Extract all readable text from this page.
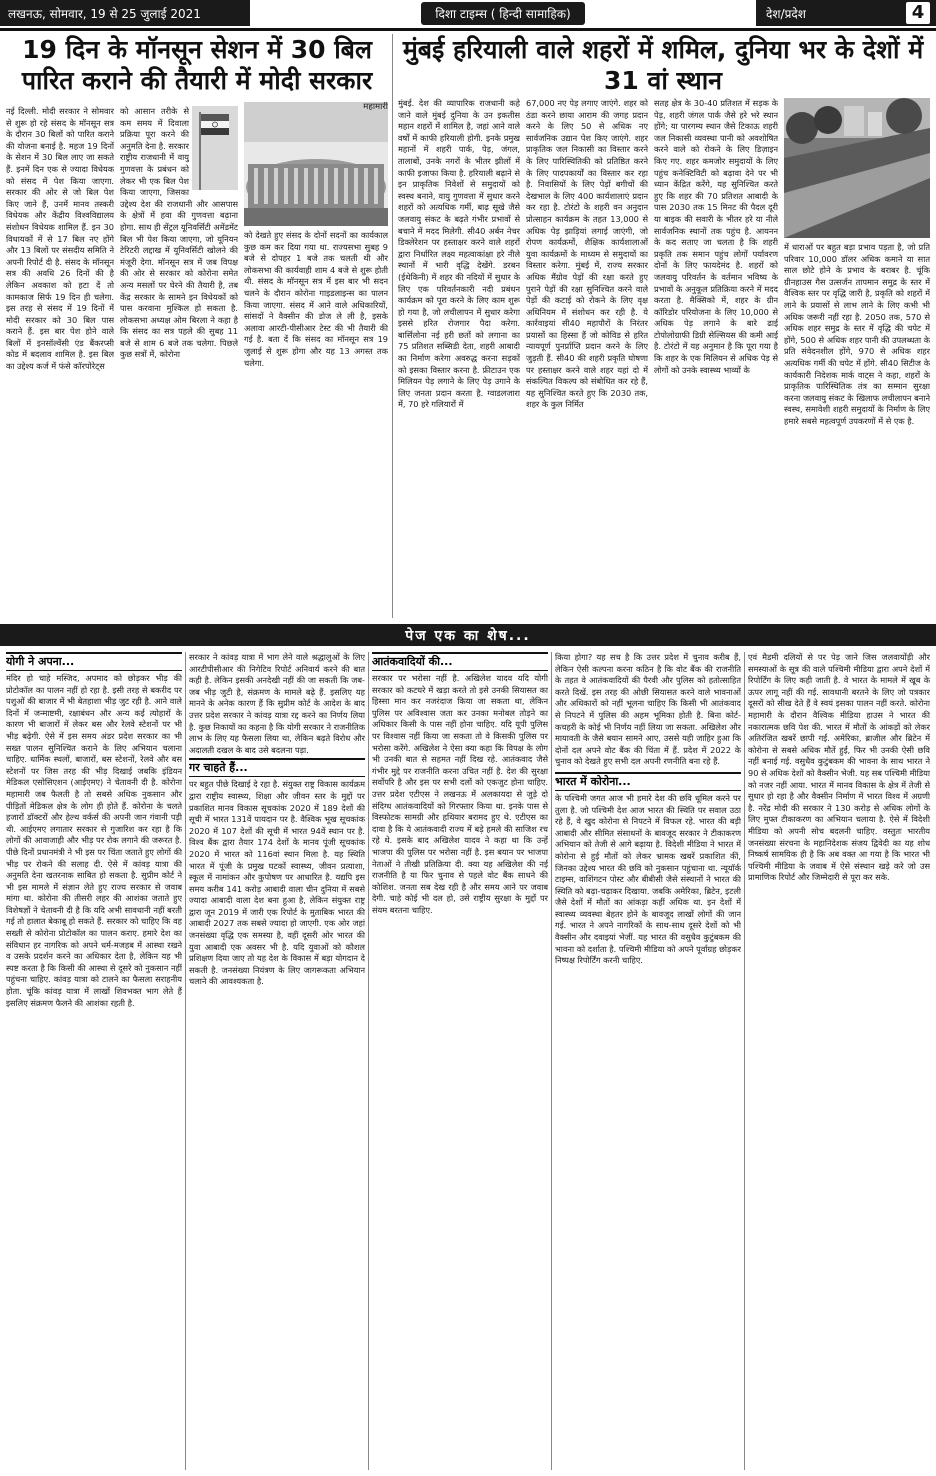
लखनऊ, सोमवार, 19 से 25 जुलाई 2021	दिशा टाइम्स ( हिन्दी सामाहिक)	देश/प्रदेश	4
19 दिन के मॉनसून सेशन में 30 बिल पारित कराने की तैयारी में मोदी सरकार

नई दिल्ली. मोदी सरकार ने सोमवार से शुरू हो रहे संसद के मॉनसून सत्र के दौरान 30 बिलों को पारित कराने की योजना बनाई है. महज 19 दिनों के सेशन में 30 बिल लाए जा सकते हैं. इनमें दिन एक से ज्यादा विधेयक को संसद में पेश किया जाएगा. सरकार की ओर से जो बिल पेश किए जाने हैं, उनमें मानव तस्करी विधेयक और केंद्रीय विश्वविद्यालय संशोधन विधेयक शामिल हैं. इन 30 विधायकों में से 17 बिल नए होंगे और 13 बिलों पर संसदीय समिति ने अपनी रिपोर्ट दी है. संसद के मॉनसून सत्र की अवधि 26 दिनों की है लेकिन अवकाश को हटा दें तो कामकाज सिर्फ 19 दिन ही चलेगा. इस तरह से संसद में 19 दिनों में मोदी सरकार को 30 बिल पास कराने हैं. इस बार पेश होने वाले बिलों में इनसॉल्वेंसी एंड बैंकरप्सी कोड में बदलाव शामिल है. इस बिल का उद्देश्य कर्ज में फंसे कॉरपोरेट्स

को आसान तरीके से कम समय में दिवाला प्रक्रिया पूरा करने की अनुमति देना है. सरकार राष्ट्रीय राजधानी में वायु गुणवत्ता के प्रबंधन को लेकर भी एक बिल पेश किया जाएगा, जिसका उद्देश्य देश की राजधानी और आसपास के क्षेत्रों में हवा की गुणवत्ता बढ़ाना होगा. साथ ही सेंट्रल यूनिवर्सिटी अमेंडमेंट बिल भी पेश किया जाएगा, जो यूनियन टेरिटरी लद्दाख में यूनिवर्सिटी खोलने की मंजूरी देगा. मॉनसून सत्र में जब विपक्ष की ओर से सरकार को कोरोना समेत अन्य मसलों पर घेरने की तैयारी है, तब केंद्र सरकार के सामने इन विधेयकों को पास करवाना मुश्किल हो सकता है. लोकसभा अध्यक्ष ओम बिरला ने कहा है कि संसद का सत्र पहले की सुबह 11 बजे से शाम 6 बजे तक चलेगा. पिछले कुछ सत्रों में, कोरोना

महामारी

को देखते हुए संसद के दोनों सदनों का कार्यकाल कुछ कम कर दिया गया था. राज्यसभा सुबह 9 बजे से दोपहर 1 बजे तक चलती थी और लोकसभा की कार्यवाही शाम 4 बजे से शुरू होती थी. संसद के मॉनसून सत्र में इस बार भी सदन चलने के दौरान कोरोना गाइडलाइन्स का पालन किया जाएगा. संसद में आने वाले अधिकारियों, सांसदों ने वैक्सीन की डोज ले ली है, इसके अलावा आरटी-पीसीआर टेस्ट की भी तैयारी की गई है. बता दें कि संसद का मॉनसून सत्र 19 जुलाई से शुरू होगा और यह 13 अगस्त तक चलेगा.

मुंबई हरियाली वाले शहरों में शमिल, दुनिया भर के देशों में 31 वां स्थान

मुंबई. देश की व्यापारिक राजधानी कहे जाने वाले मुंबई दुनिया के उन इकतीस महान शहरों में शामिल है, जहां आने वाले वर्षों में काफी हरियाली होगी. इनके प्रमुख महानों में शहरी पार्क, पेड़, जंगल, तालाबों, उनके नगरों के भीतर झीलों में काफी इजाफा किया है. हरियाली बढ़ाने से इन प्राकृतिक निवेशों से समुदायों को स्वस्थ बनाने, वायु गुणवत्ता में सुधार करने शहरों को अत्यधिक गर्मी, बाढ़ सूखे जैसे जलवायु संकट के बढ़ते गंभीर प्रभावों से बचाने में मदद मिलेगी. सी40 अर्बन नेचर डिक्लेरेशन पर हस्ताक्षर करने वाले शहरों द्वारा निर्धारित लक्ष्य महत्वाकांक्षा हरे नीले स्थानों में भारी वृद्धि देखेंगे. डरबन (ईथेकिनी) में शहर की नदियों में सुधार के लिए एक परिवर्तनकारी नदी प्रबंधन कार्यक्रम को पूरा करने के लिए काम शुरू हो गया है, जो लचीलापन में सुधार करेगा इससे हरित रोजगार पैदा करेगा. बार्सिलोना नई हरी छतों को लगाना का 75 प्रतिशत सब्सिडी देता, शहरी आबादी का निर्माण करेगा अवरुद्ध करना सड़कों को इसका विस्तार करना है. फ्रीटाउन एक मिलियन पेड़ लगाने के लिए पेड़ उगाने के लिए जनता प्रदान करता है. ग्वाडलजारा में, 70 हरे गलियारों में

67,000 नए पेड़ लगाए जाएंगे. शहर को ठंडा करने छाया आराम की जगह प्रदान करने के लिए 50 से अधिक नए सार्वजनिक उद्यान पेश किए जाएंगे. शहर प्राकृतिक जल निकासी का विस्तार करने के लिए पारिस्थितिकी को प्रतिष्ठित करने के लिए पादपकार्यों का विस्तार कर रहा है. निवासियों के लिए पेड़ों बगीचों की देखभाल के लिए 400 कार्यशालाएं प्रदान कर रहा है. टोरंटो के शहरी वन अनुदान प्रोत्साहन कार्यक्रम के तहत 13,000 से अधिक पेड़ झाड़ियां लगाई जाएंगी, जो रोपण कार्यक्रमों, शैक्षिक कार्यशालाओं युवा कार्यक्रमों के माध्यम से समुदायों का विस्तार करेगा. मुंबई में, राज्य सरकार अधिक मैंग्रोव पेड़ों की रक्षा करते हुए पुराने पेड़ों की रक्षा सुनिश्चित करने वाले पेड़ों की कटाई को रोकने के लिए वृक्ष अधिनियम में संशोधन कर रही है. ये कार्रवाइयां सी40 महापौरों के निरंतर प्रयासों का हिस्सा हैं जो कोविड से हरित न्यायपूर्ण पुनर्प्राप्ति प्रदान करने के लिए जुड़ती हैं. सी40 की शहरी प्रकृति घोषणा पर हस्ताक्षर करने वाले शहर यहां दो में संकल्पित विकल्प को संबोधित कर रहे हैं, यह सुनिश्चित करते हुए कि 2030 तक, शहर के कुल निर्मित

सतह क्षेत्र के 30-40 प्रतिशत में सड़क के पेड़, शहरी जंगल पार्क जैसे हरे भरे स्थान होंगे; या पारगम्य स्थान जैसे टिकाऊ शहरी जल निकासी व्यवस्था पानी को अवशोषित करने वाले को रोकने के लिए डिज़ाइन किए गए. शहर कमजोर समुदायों के लिए पहुंच कनेक्टिविटी को बढ़ावा देने पर भी ध्यान केंद्रित करेंगे, यह सुनिश्चित करते हुए कि शहर की 70 प्रतिशत आबादी के पास 2030 तक 15 मिनट की पैदल दूरी या बाइक की सवारी के भीतर हरे या नीले सार्वजनिक स्थानों तक पहुंच है. आयनन के कद सताए जा चलता है कि शहरी प्रकृति तक समान पहुंच लोगों पर्यावरण दोनों के लिए फायदेमंद है. शहरों को जलवायु परिवर्तन के वर्तमान भविष्य के प्रभावों के अनुकूल प्रतिक्रिया करने में मदद करता है. मैक्सिको में, शहर के ग्रीन कॉरिडोर परियोजना के लिए 10,000 से अधिक पेड़ लगाने के बारे ढाई टोपोलोग्राफी डिग्री सेल्सियस की कमी आई है. टोरंटो में यह अनुमान है कि पूरा गया है कि शहर के एक मिलियन से अधिक पेड़ से लोगों को उनके स्वास्थ्य भाव्यों के

में धाराओं पर बहुत बड़ा प्रभाव पड़ता है, जो प्रति परिवार 10,000 डॉलर अधिक कमाने या सात साल छोटे होने के प्रभाव के बराबर है. चूंकि ग्रीनहाउस गैस उत्सर्जन तापमान समुद्र के स्तर में वैश्विक स्तर पर वृद्धि जारी है, प्रकृति को शहरों में लाने के प्रयासों से लाभ लाने के लिए कभी भी अधिक जरूरी नहीं रहा है. 2050 तक, 570 से अधिक शहर समुद्र के स्तर में वृद्धि की चपेट में होंगे, 500 से अधिक शहर पानी की उपलब्धता के प्रति संवेदनशील होंगे, 970 से अधिक शहर अत्यधिक गर्मी की चपेट में होंगे. सी40 सिटीज के कार्यकारी निदेशक मार्क वाट्स ने कहा, शहरों के प्राकृतिक पारिस्थितिक तंत्र का सम्मान सुरक्षा करना जलवायु संकट के खिलाफ लचीलापन बनाने स्वस्थ, समावेशी शहरी समुदायों के निर्माण के लिए हमारे सबसे महत्वपूर्ण उपकरणों में से एक है.

पेज एक का शेष...
योगी ने अपना...

मंदिर हो चाहे मस्जिद, अपमाद को छोड़कर भीड़ की प्रोटोकॉल का पालन नहीं हो रहा है. इसी तरह से बकरीद पर पशुओं की बाजार में भी बेतहाशा भीड़ जुट रही है. आने वाले दिनों में जन्माष्टमी, रक्षाबंधन और अन्य कई त्योहारों के कारण भी बाजारों में लेकर बस और रेलवे स्टेशनों पर भी भीड़ बढ़ेगी. ऐसे में इस समय अंडर प्रदेश सरकार का भी सख्त पालन सुनिश्चित कराने के लिए अभियान चलाना चाहिए. धार्मिक स्थलों, बाजारों, बस स्टेशनों, रेलवे और बस स्टेशनों पर जिस तरह की भीड़ दिखाई जबकि इंडियन मेडिकल एसोसिएशन (आईएमए) ने चेतावनी दी है. कोरोना महामारी जब फैलती है तो सबसे अधिक नुकसान और पीड़ितों मेडिकल क्षेत्र के लोग ही होते हैं. कोरोना के चलते हजारों डॉक्टरों और हेल्थ वर्कर्स की अपनी जान गंवानी पड़ी थी. आईएमए लगातार सरकार से गुजारिश कर रहा है कि लोगों की आवाजाही और भीड़ पर रोक लगाने की जरूरत है. पीछे दिनों प्रधानमंत्री ने भी इस पर चिंता जताते हुए लोगों की भीड़ पर रोकने की सलाह दी. ऐसे में कांवड़ यात्रा की अनुमति देना खतरनाक साबित हो सकता है. सुप्रीम कोर्ट ने भी इस मामले में संज्ञान लेते हुए राज्य सरकार से जवाब मांगा था. कोरोना की तीसरी लहर की आशंका जताते हुए विशेषज्ञों ने चेतावनी दी है कि यदि अभी सावधानी नहीं बरती गई तो हालात बेकाबू हो सकते हैं. सरकार को चाहिए कि वह सख्ती से कोरोना प्रोटोकॉल का पालन कराए. हमारे देश का संविधान हर नागरिक को अपने धर्म-मजहब में आस्था रखने व उसके प्रदर्शन करने का अधिकार देता है, लेकिन यह भी स्पष्ट करता है कि किसी की आस्था से दूसरे को नुकसान नहीं पहुंचना चाहिए. कांवड़ यात्रा को टालने का फैसला सराहनीय होता. चूंकि कांवड़ यात्रा में लाखों शिवभक्त भाग लेते हैं इसलिए संक्रमण फैलने की आशंका रहती है.

सरकार ने कांवड़ यात्रा में भाग लेने वाले श्रद्धालुओं के लिए आरटीपीसीआर की निगेटिव रिपोर्ट अनिवार्य करने की बात कही है. लेकिन इसकी अनदेखी नहीं की जा सकती कि जब-जब भीड़ जुटी है, संक्रमण के मामले बढ़े हैं. इसलिए यह मानने के अनेक कारण हैं कि सुप्रीम कोर्ट के आदेश के बाद उत्तर प्रदेश सरकार ने कांवड़ यात्रा रद्द करने का निर्णय लिया है. कुछ निकायों का कहना है कि योगी सरकार ने राजनीतिक लाभ के लिए यह फैसला लिया था, लेकिन बढ़ते विरोध और अदालती दखल के बाद उसे बदलना पड़ा.

गर चाहते हैं...

पर बहुत पीछे दिखाई दे रहा है. संयुक्त राष्ट्र विकास कार्यक्रम द्वारा राष्ट्रीय स्वास्थ्य, शिक्षा और जीवन स्तर के मुद्दों पर प्रकाशित मानव विकास सूचकांक 2020 में 189 देशों की सूची में भारत 131वें पायदान पर है. वैश्विक भूख सूचकांक 2020 में 107 देशों की सूची में भारत 94वें स्थान पर है. विश्व बैंक द्वारा तैयार 174 देशों के मानव पूंजी सूचकांक 2020 में भारत को 116वां स्थान मिला है. यह स्थिति भारत में पूंजी के प्रमुख घटकों स्वास्थ्य, जीवन प्रत्याशा, स्कूल में नामांकन और कुपोषण पर आधारित है. यद्यपि इस समय करीब 141 करोड़ आबादी वाला चीन दुनिया में सबसे ज्यादा आबादी वाला देश बना हुआ है, लेकिन संयुक्त राष्ट्र द्वारा जून 2019 में जारी एक रिपोर्ट के मुताबिक भारत की आबादी 2027 तक सबसे ज्यादा हो जाएगी. एक ओर जहां जनसंख्या वृद्धि एक समस्या है, वहीं दूसरी ओर भारत की युवा आबादी एक अवसर भी है. यदि युवाओं को कौशल प्रशिक्षण दिया जाए तो यह देश के विकास में बड़ा योगदान दे सकती है. जनसंख्या नियंत्रण के लिए जागरूकता अभियान चलाने की आवश्यकता है.

आतंकवादियों की...

सरकार पर भरोसा नहीं है. अखिलेश यादव यदि योगी सरकार को कटघरे में खड़ा करते तो इसे उनकी सियासत का हिस्सा मान कर नजरंदाज किया जा सकता था, लेकिन पुलिस पर अविश्वास जता कर उनका मनोबल तोड़ने का अधिकार किसी के पास नहीं होना चाहिए. यदि यूपी पुलिस पर विश्वास नहीं किया जा सकता तो वे किसकी पुलिस पर भरोसा करेंगे. अखिलेश ने ऐसा क्या कहा कि विपक्ष के लोग भी उनकी बात से सहमत नहीं दिख रहे. आतंकवाद जैसे गंभीर मुद्दे पर राजनीति करना उचित नहीं है. देश की सुरक्षा सर्वोपरि है और इस पर सभी दलों को एकजुट होना चाहिए. उत्तर प्रदेश एटीएस ने लखनऊ में अलकायदा से जुड़े दो संदिग्ध आतंकवादियों को गिरफ्तार किया था. इनके पास से विस्फोटक सामग्री और हथियार बरामद हुए थे. एटीएस का दावा है कि ये आतंकवादी राज्य में बड़े हमले की साजिश रच रहे थे. इसके बाद अखिलेश यादव ने कहा था कि उन्हें भाजपा की पुलिस पर भरोसा नहीं है. इस बयान पर भाजपा नेताओं ने तीखी प्रतिक्रिया दी. क्या यह अखिलेश की नई राजनीति है या फिर चुनाव से पहले वोट बैंक साधने की कोशिश. जनता सब देख रही है और समय आने पर जवाब देगी. चाहे कोई भी दल हो, उसे राष्ट्रीय सुरक्षा के मुद्दों पर संयम बरतना चाहिए.

किया होगा? यह सच है कि उत्तर प्रदेश में चुनाव करीब हैं, लेकिन ऐसी कल्पना करना कठिन है कि वोट बैंक की राजनीति के तहत वे आतंकवादियों की पैरवी और पुलिस को हतोत्साहित करते दिखें. इस तरह की ओछी सियासत करने वाले भावनाओं और अधिकारों को नहीं भूलना चाहिए कि किसी भी आतंकवाद से निपटने में पुलिस की अहम भूमिका होती है. बिना कोर्ट-कचहरी के कोई भी निर्णय नहीं लिया जा सकता. अखिलेश और मायावती के जैसे बयान सामने आए, उससे यही जाहिर हुआ कि दोनों दल अपने वोट बैंक की चिंता में हैं. प्रदेश में 2022 के चुनाव को देखते हुए सभी दल अपनी रणनीति बना रहे हैं.

भारत में कोरोना...

के पश्चिमी जगत आज भी हमारे देश की छवि धूमिल करने पर तुला है. जो पश्चिमी देश आज भारत की स्थिति पर सवाल उठा रहे हैं, वे खुद कोरोना से निपटने में विफल रहे. भारत की बड़ी आबादी और सीमित संसाधनों के बावजूद सरकार ने टीकाकरण अभियान को तेजी से आगे बढ़ाया है. विदेशी मीडिया ने भारत में कोरोना से हुई मौतों को लेकर भ्रामक खबरें प्रकाशित कीं, जिनका उद्देश्य भारत की छवि को नुकसान पहुंचाना था. न्यूयॉर्क टाइम्स, वाशिंगटन पोस्ट और बीबीसी जैसे संस्थानों ने भारत की स्थिति को बढ़ा-चढ़ाकर दिखाया. जबकि अमेरिका, ब्रिटेन, इटली जैसे देशों में मौतों का आंकड़ा कहीं अधिक था. इन देशों में स्वास्थ्य व्यवस्था बेहतर होने के बावजूद लाखों लोगों की जान गई. भारत ने अपने नागरिकों के साथ-साथ दूसरे देशों को भी वैक्सीन और दवाइयां भेजीं. यह भारत की वसुधैव कुटुंबकम की भावना को दर्शाता है. पश्चिमी मीडिया को अपने पूर्वाग्रह छोड़कर निष्पक्ष रिपोर्टिंग करनी चाहिए.

एवं मैडमी दलियों से पर पेड़ जाने जिस जलवायोंड़ी और समस्याओं के सूत्र की वाले पश्चिमी मीडिया द्वारा अपने देशों में रिपोर्टिंग के लिए कही जाती है. वे भारत के मामले में खूब के ऊपर लागू नहीं की गई. सावधानी बरतने के लिए जो पत्रकार दूसरों को सीख देते हैं वे स्वयं इसका पालन नहीं करते. कोरोना महामारी के दौरान वैश्विक मीडिया हाउस ने भारत की नकारात्मक छवि पेश की. भारत में मौतों के आंकड़ों को लेकर अतिरंजित खबरें छापी गईं. अमेरिका, ब्राजील और ब्रिटेन में कोरोना से सबसे अधिक मौतें हुईं, फिर भी उनकी ऐसी छवि नहीं बनाई गई. वसुधैव कुटुंबकम की भावना के साथ भारत ने 90 से अधिक देशों को वैक्सीन भेजी. यह सब पश्चिमी मीडिया को नजर नहीं आया. भारत में मानव विकास के क्षेत्र में तेजी से सुधार हो रहा है और वैक्सीन निर्माण में भारत विश्व में अग्रणी है. नरेंद्र मोदी की सरकार ने 130 करोड़ से अधिक लोगों के लिए मुफ्त टीकाकरण का अभियान चलाया है. ऐसे में विदेशी मीडिया को अपनी सोच बदलनी चाहिए. वस्तुतः भारतीय जनसंख्या संरचना के महानिदेशक संजय द्विवेदी का यह शोध निष्कर्ष सामयिक ही है कि अब वक्त आ गया है कि भारत भी पश्चिमी मीडिया के जवाब में ऐसे संस्थान खड़े करे जो उस प्रामाणिक रिपोर्ट और जिम्मेदारी से पूरा कर सके.
